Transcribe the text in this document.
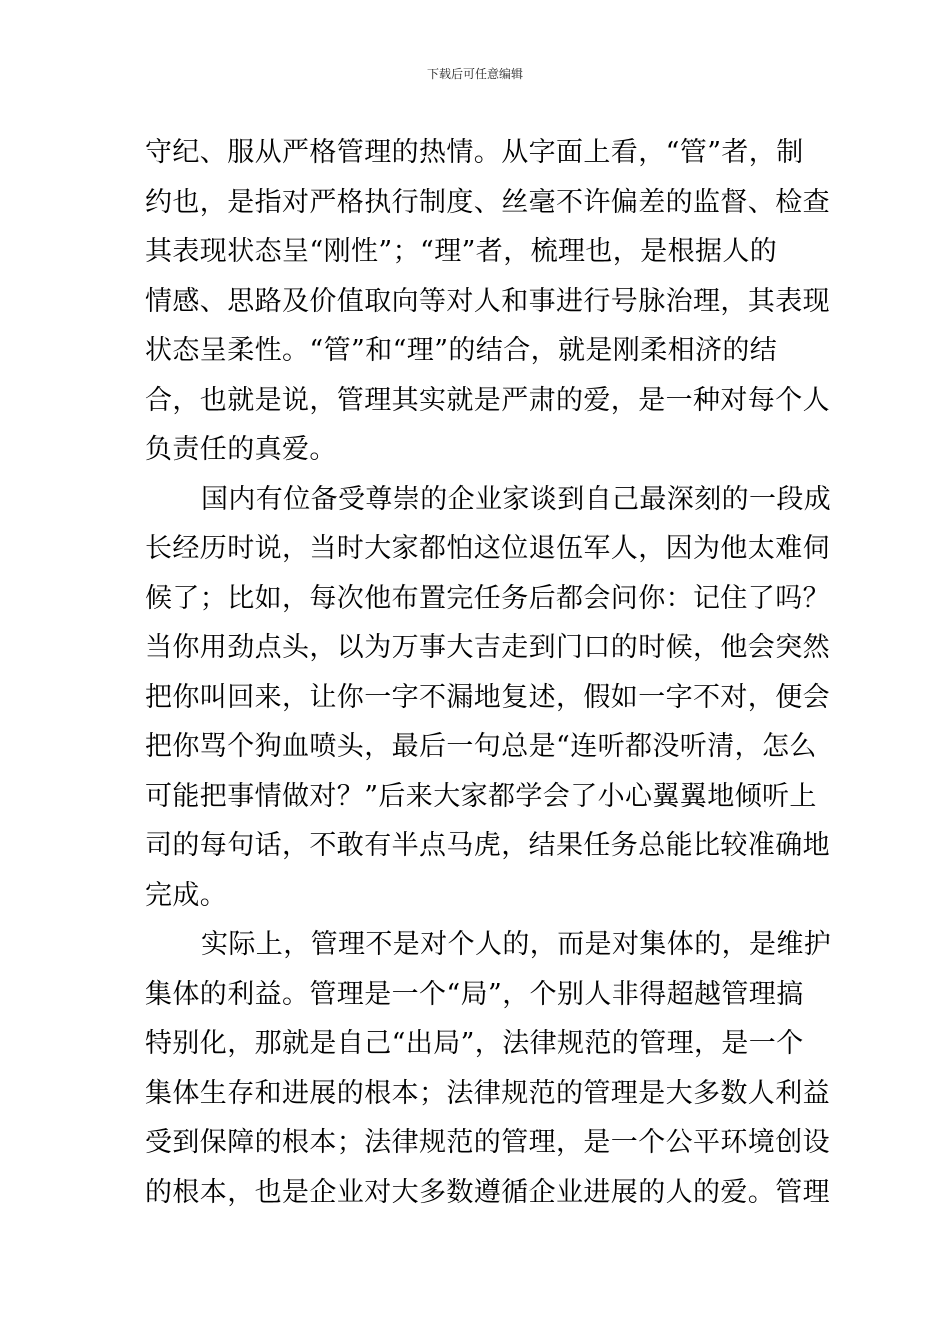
下载后可任意编辑
守纪、服从严格管理的热情。从字面上看，“管”者，制
约也，是指对严格执行制度、丝毫不许偏差的监督、检查
其表现状态呈“刚性”；“理”者，梳理也，是根据人的
情感、思路及价值取向等对人和事进行号脉治理，其表现
状态呈柔性。“管”和“理”的结合，就是刚柔相济的结
合，也就是说，管理其实就是严肃的爱，是一种对每个人
负责任的真爱。
国内有位备受尊崇的企业家谈到自己最深刻的一段成
长经历时说，当时大家都怕这位退伍军人，因为他太难伺
候了；比如，每次他布置完任务后都会问你：记住了吗？
当你用劲点头，以为万事大吉走到门口的时候，他会突然
把你叫回来，让你一字不漏地复述，假如一字不对，便会
把你骂个狗血喷头，最后一句总是“连听都没听清，怎么
可能把事情做对？”后来大家都学会了小心翼翼地倾听上
司的每句话，不敢有半点马虎，结果任务总能比较准确地
完成。
实际上，管理不是对个人的，而是对集体的，是维护
集体的利益。管理是一个“局”，个别人非得超越管理搞
特别化，那就是自己“出局”，法律规范的管理，是一个
集体生存和进展的根本；法律规范的管理是大多数人利益
受到保障的根本；法律规范的管理，是一个公平环境创设
的根本，也是企业对大多数遵循企业进展的人的爱。管理
